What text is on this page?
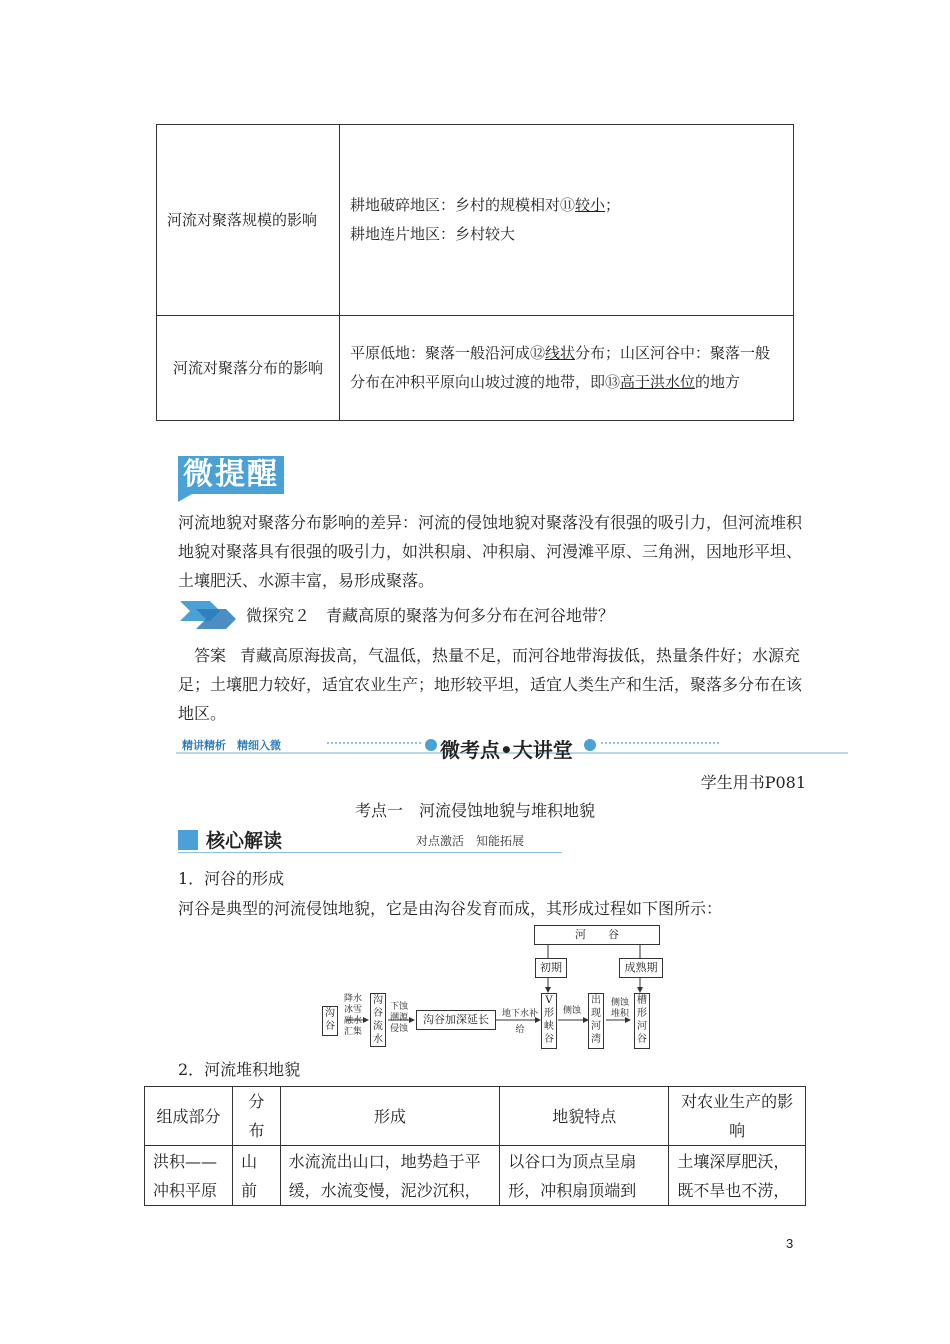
河流对聚落规模的影响	耕地破碎地区：乡村的规模相对⑪较小；
耕地连片地区：乡村较大

河流对聚落分布的影响	平原低地：聚落一般沿河成⑫线状分布；山区河谷中：聚落一般分布在冲积平原向山坡过渡的地带，即⑬高于洪水位的地方
微提醒
河流地貌对聚落分布影响的差异：河流的侵蚀地貌对聚落没有很强的吸引力，但河流堆积地貌对聚落具有很强的吸引力，如洪积扇、冲积扇、河漫滩平原、三角洲，因地形平坦、土壤肥沃、水源丰富，易形成聚落。
微探究２　青藏高原的聚落为何多分布在河谷地带？
答案 青藏高原海拔高，气温低，热量不足，而河谷地带海拔低，热量条件好；水源充足；土壤肥力较好，适宜农业生产；地形较平坦，适宜人类生产和生活，聚落多分布在该地区。
精讲精析　精细入微	微考点•大讲堂
学生用书P081
考点一　河流侵蚀地貌与堆积地貌
核心解读	对点激活　知能拓展
1．河谷的形成
河谷是典型的河流侵蚀地貌，它是由沟谷发育而成，其形成过程如下图所示：
河　　谷
初期	成熟期
沟谷
降水冰雪融水汇集
沟谷流水
下蚀溯源侵蚀
沟谷加深延长	地下水补给
V形峡谷
侧蚀
出现河湾
侧蚀堆积
槽形河谷
2．河流堆积地貌
组成部分	分布	形成	地貌特点	对农业生产的影响
洪积——冲积平原	山前	水流流出山口，地势趋于平缓，水流变慢，泥沙沉积，	以谷口为顶点呈扇形，冲积扇顶端到	土壤深厚肥沃，既不旱也不涝，
3
